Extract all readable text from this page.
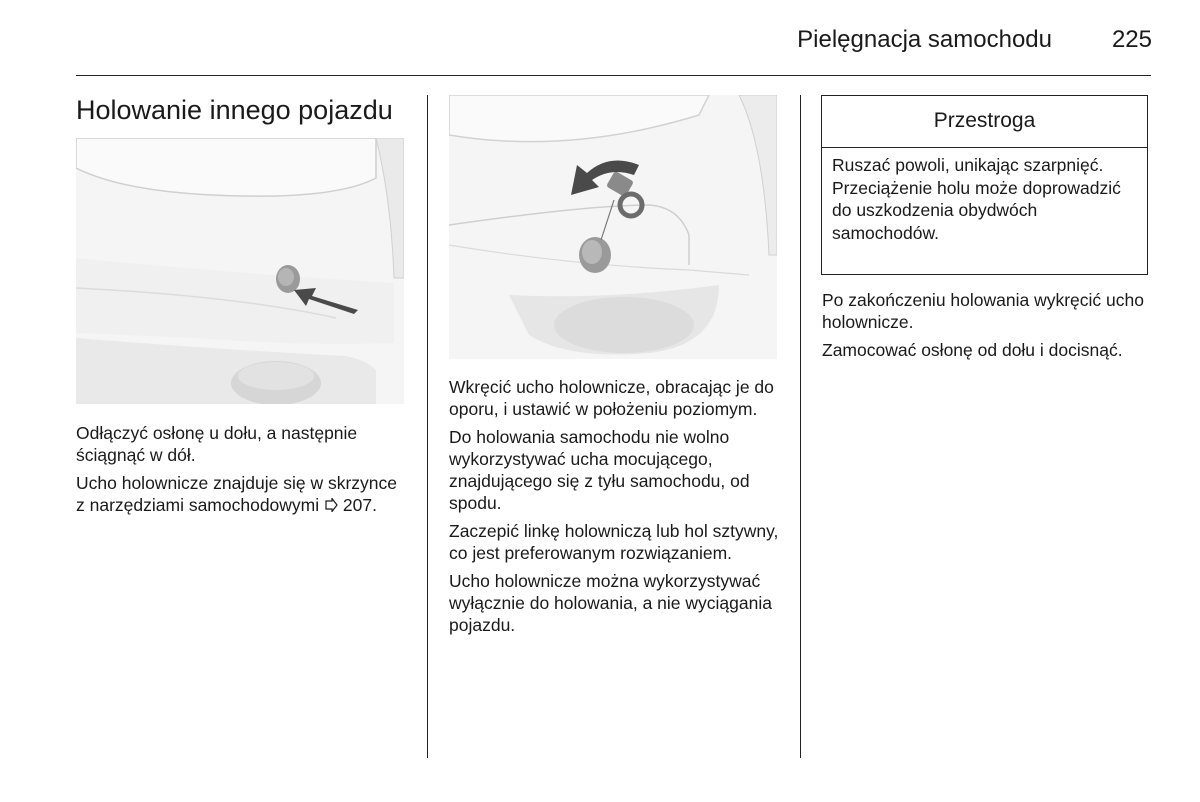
Pielęgnacja samochodu	225
Holowanie innego pojazdu

Odłączyć osłonę u dołu, a następnie ściągnąć w dół.

Ucho holownicze znajduje się w skrzynce z narzędziami samochodowymi 207.

Wkręcić ucho holownicze, obracając je do oporu, i ustawić w położeniu poziomym.

Do holowania samochodu nie wolno wykorzystywać ucha mocującego, znajdującego się z tyłu samochodu, od spodu.

Zaczepić linkę holowniczą lub hol sztywny, co jest preferowanym rozwiązaniem.

Ucho holownicze można wykorzystywać wyłącznie do holowania, a nie wyciągania pojazdu.

Przestroga
Ruszać powoli, unikając szarpnięć. Przeciążenie holu może doprowadzić do uszkodzenia obydwóch samochodów.

Po zakończeniu holowania wykręcić ucho holownicze.

Zamocować osłonę od dołu i docisnąć.
